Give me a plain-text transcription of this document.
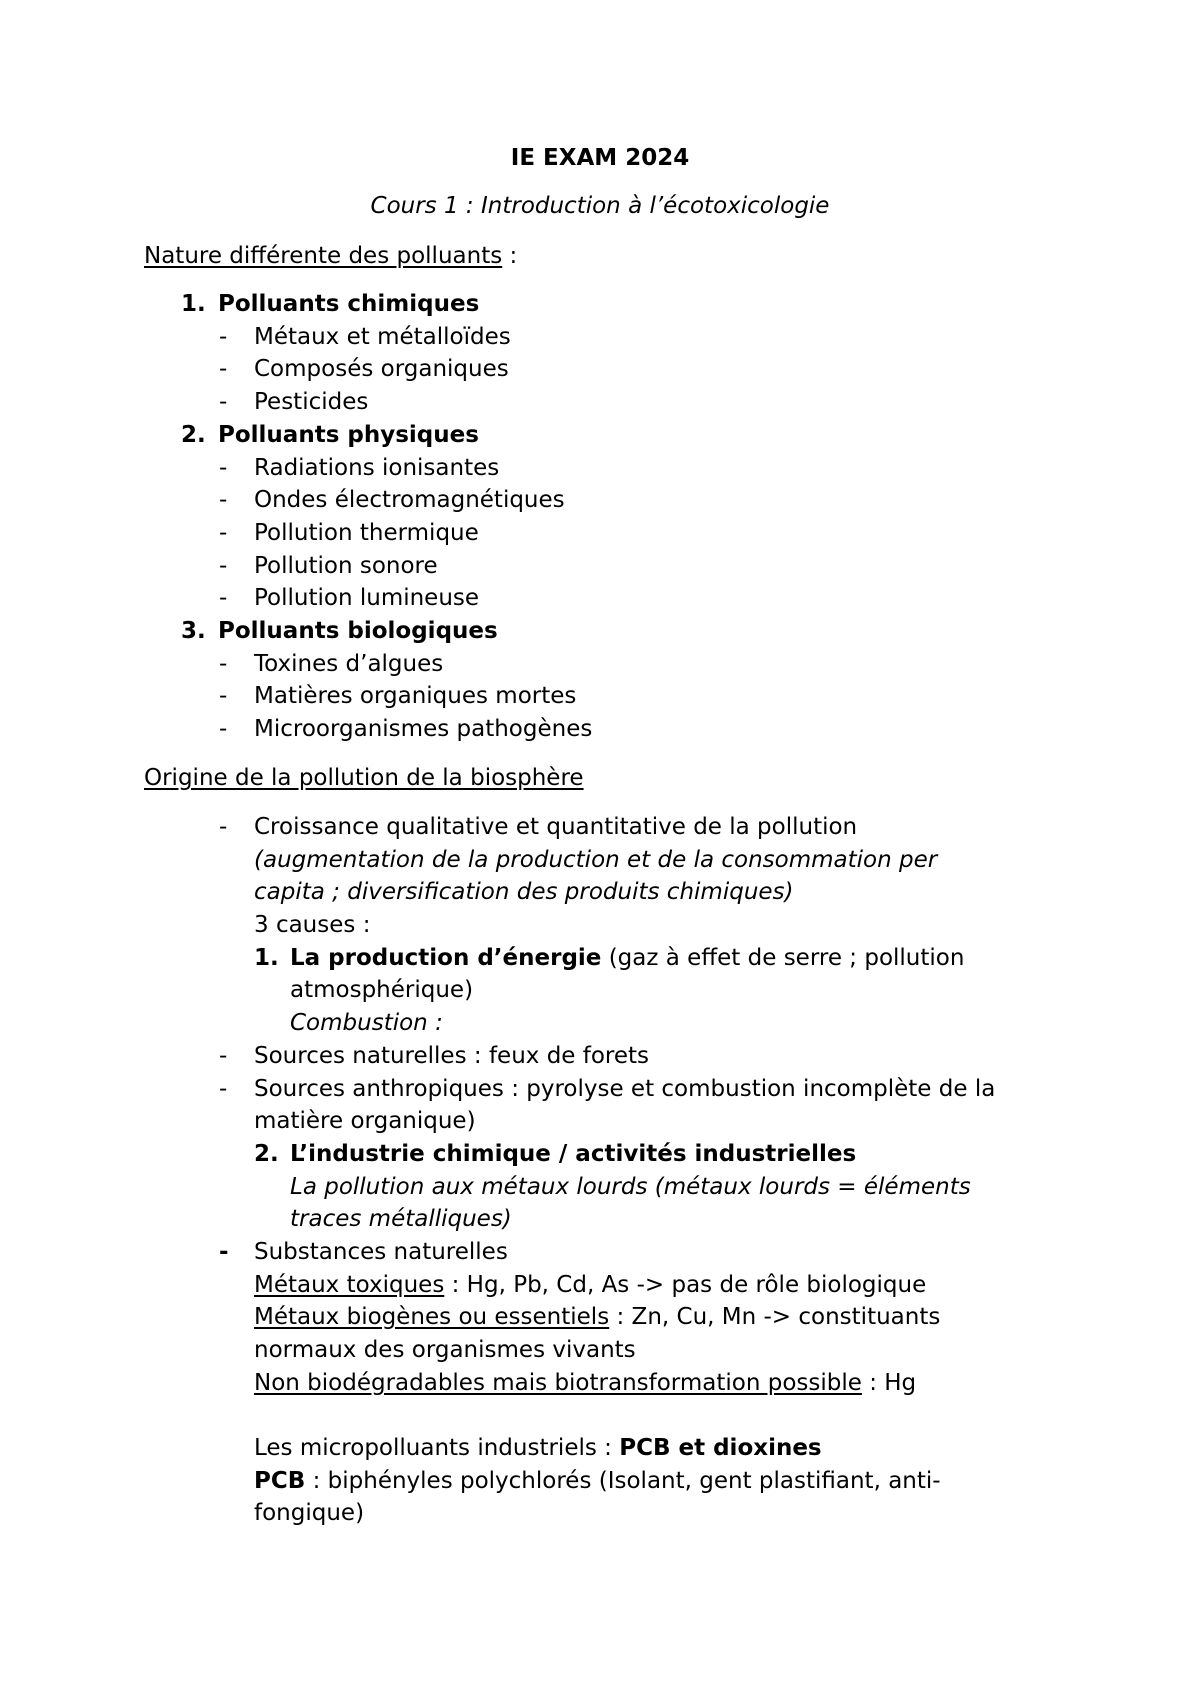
IE EXAM 2024
Cours 1 : Introduction à l’écotoxicologie
Nature différente des polluants :
1. Polluants chimiques
- Métaux et métalloïdes
- Composés organiques
- Pesticides
2. Polluants physiques
- Radiations ionisantes
- Ondes électromagnétiques
- Pollution thermique
- Pollution sonore
- Pollution lumineuse
3. Polluants biologiques
- Toxines d’algues
- Matières organiques mortes
- Microorganismes pathogènes
Origine de la pollution de la biosphère
- Croissance qualitative et quantitative de la pollution
(augmentation de la production et de la consommation per
capita ; diversification des produits chimiques)
3 causes :
1. La production d’énergie (gaz à effet de serre ; pollution
atmosphérique)
Combustion :
- Sources naturelles : feux de forets
- Sources anthropiques : pyrolyse et combustion incomplète de la
matière organique)
2. L’industrie chimique / activités industrielles
La pollution aux métaux lourds (métaux lourds = éléments
traces métalliques)
- Substances naturelles
Métaux toxiques : Hg, Pb, Cd, As -> pas de rôle biologique
Métaux biogènes ou essentiels : Zn, Cu, Mn -> constituants
normaux des organismes vivants
Non biodégradables mais biotransformation possible : Hg
Les micropolluants industriels : PCB et dioxines
PCB : biphényles polychlorés (Isolant, gent plastifiant, anti-
fongique)
